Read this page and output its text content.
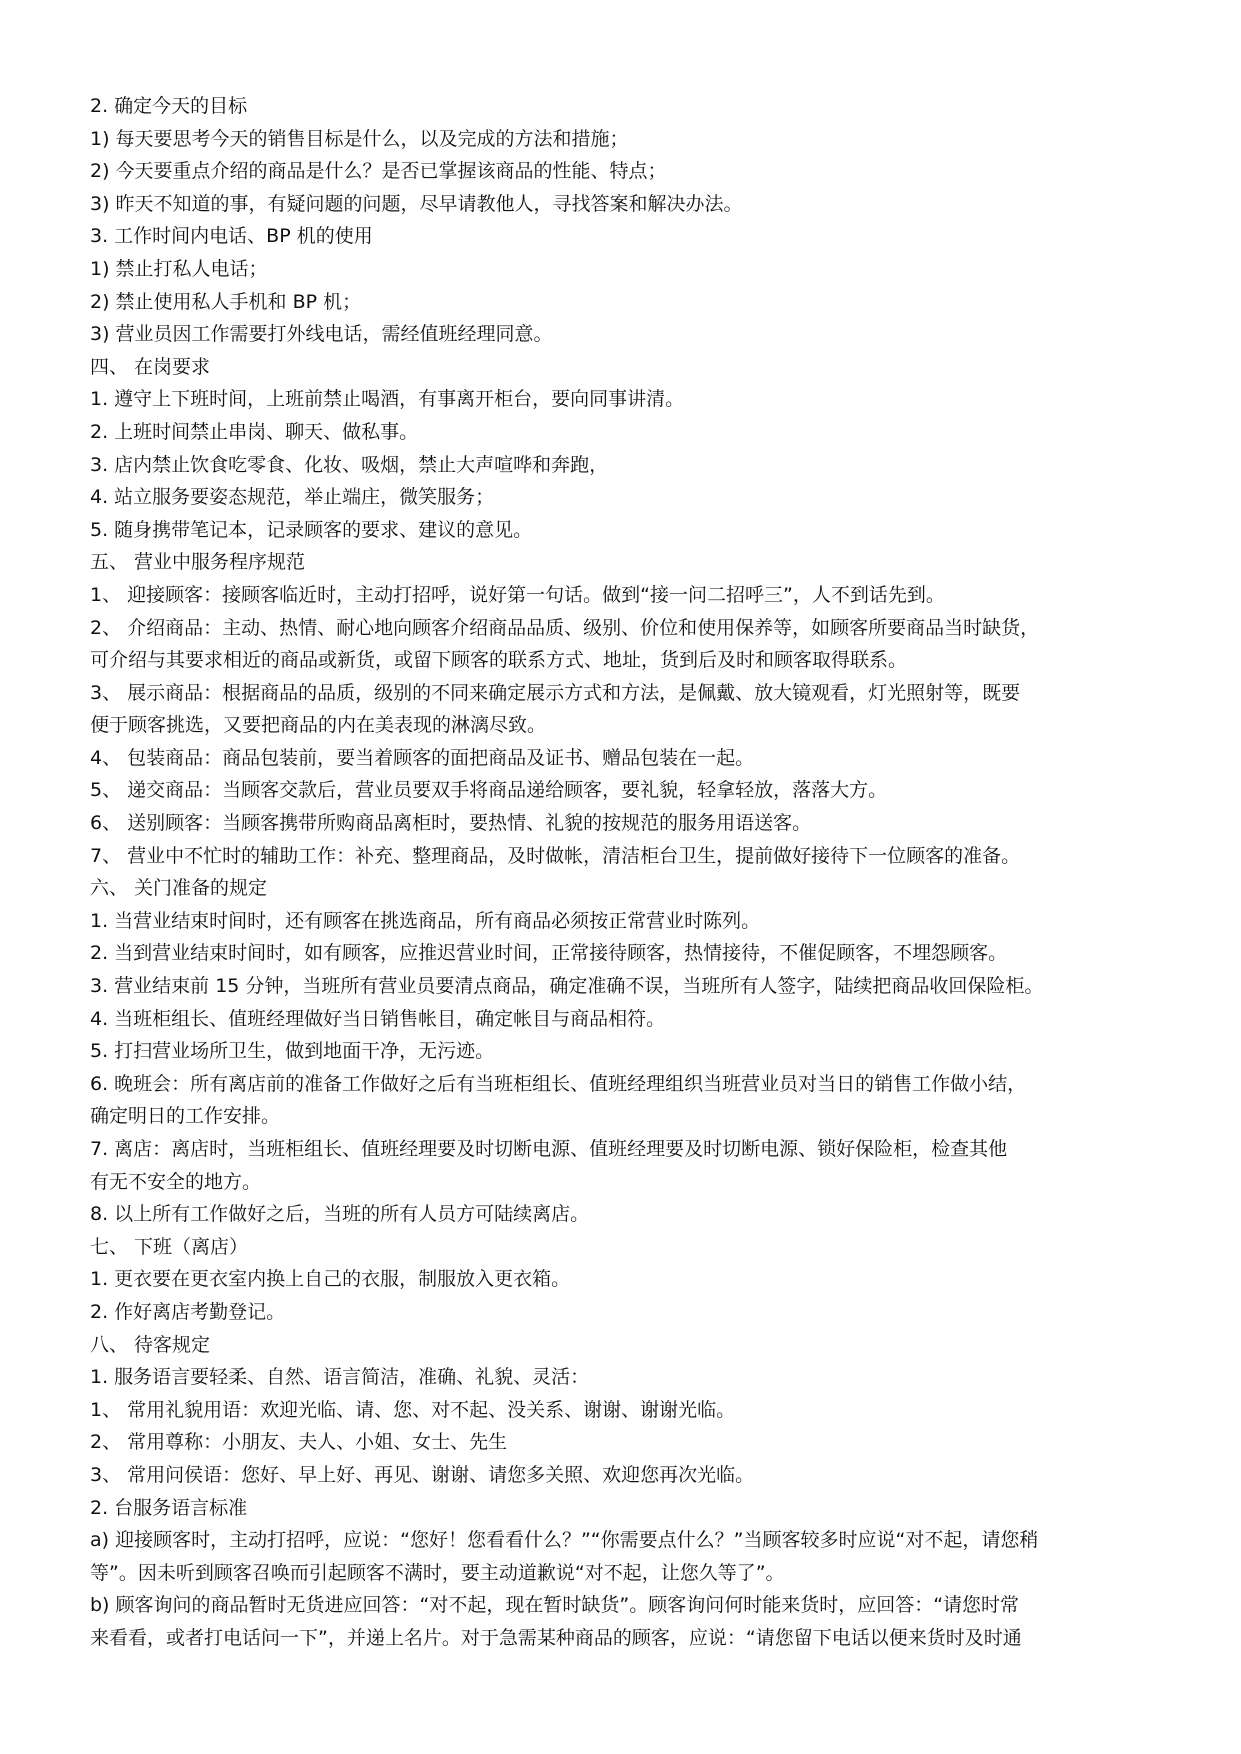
2. 确定今天的目标
1) 每天要思考今天的销售目标是什么，以及完成的方法和措施；
2) 今天要重点介绍的商品是什么？是否已掌握该商品的性能、特点；
3) 昨天不知道的事，有疑问题的问题，尽早请教他人，寻找答案和解决办法。
3. 工作时间内电话、BP 机的使用
1) 禁止打私人电话；
2) 禁止使用私人手机和 BP 机；
3) 营业员因工作需要打外线电话，需经值班经理同意。
四、 在岗要求
1. 遵守上下班时间，上班前禁止喝酒，有事离开柜台，要向同事讲清。
2. 上班时间禁止串岗、聊天、做私事。
3. 店内禁止饮食吃零食、化妆、吸烟，禁止大声喧哗和奔跑，
4. 站立服务要姿态规范，举止端庄，微笑服务；
5. 随身携带笔记本，记录顾客的要求、建议的意见。
五、 营业中服务程序规范
1、 迎接顾客：接顾客临近时，主动打招呼，说好第一句话。做到“接一问二招呼三”，人不到话先到。
2、 介绍商品：主动、热情、耐心地向顾客介绍商品品质、级别、价位和使用保养等，如顾客所要商品当时缺货，
可介绍与其要求相近的商品或新货，或留下顾客的联系方式、地址，货到后及时和顾客取得联系。
3、 展示商品：根据商品的品质，级别的不同来确定展示方式和方法，是佩戴、放大镜观看，灯光照射等，既要
便于顾客挑选，又要把商品的内在美表现的淋漓尽致。
4、 包装商品：商品包装前，要当着顾客的面把商品及证书、赠品包装在一起。
5、 递交商品：当顾客交款后，营业员要双手将商品递给顾客，要礼貌，轻拿轻放，落落大方。
6、 送别顾客：当顾客携带所购商品离柜时，要热情、礼貌的按规范的服务用语送客。
7、 营业中不忙时的辅助工作：补充、整理商品，及时做帐，清洁柜台卫生，提前做好接待下一位顾客的准备。
六、 关门准备的规定
1. 当营业结束时间时，还有顾客在挑选商品，所有商品必须按正常营业时陈列。
2. 当到营业结束时间时，如有顾客，应推迟营业时间，正常接待顾客，热情接待，不催促顾客，不埋怨顾客。
3. 营业结束前 15 分钟，当班所有营业员要清点商品，确定准确不误，当班所有人签字，陆续把商品收回保险柜。
4. 当班柜组长、值班经理做好当日销售帐目，确定帐目与商品相符。
5. 打扫营业场所卫生，做到地面干净，无污迹。
6. 晚班会：所有离店前的准备工作做好之后有当班柜组长、值班经理组织当班营业员对当日的销售工作做小结，
确定明日的工作安排。
7. 离店：离店时，当班柜组长、值班经理要及时切断电源、值班经理要及时切断电源、锁好保险柜，检查其他
有无不安全的地方。
8. 以上所有工作做好之后，当班的所有人员方可陆续离店。
七、 下班（离店）
1. 更衣要在更衣室内换上自己的衣服，制服放入更衣箱。
2. 作好离店考勤登记。
八、 待客规定
1. 服务语言要轻柔、自然、语言简洁，准确、礼貌、灵活：
1、 常用礼貌用语：欢迎光临、请、您、对不起、没关系、谢谢、谢谢光临。
2、 常用尊称：小朋友、夫人、小姐、女士、先生
3、 常用问侯语：您好、早上好、再见、谢谢、请您多关照、欢迎您再次光临。
2. 台服务语言标准
a) 迎接顾客时，主动打招呼，应说：“您好！您看看什么？”“你需要点什么？”当顾客较多时应说“对不起，请您稍
等”。因未听到顾客召唤而引起顾客不满时，要主动道歉说“对不起，让您久等了”。
b) 顾客询问的商品暂时无货进应回答：“对不起，现在暂时缺货”。顾客询问何时能来货时，应回答：“请您时常
来看看，或者打电话问一下”，并递上名片。对于急需某种商品的顾客，应说：“请您留下电话以便来货时及时通
